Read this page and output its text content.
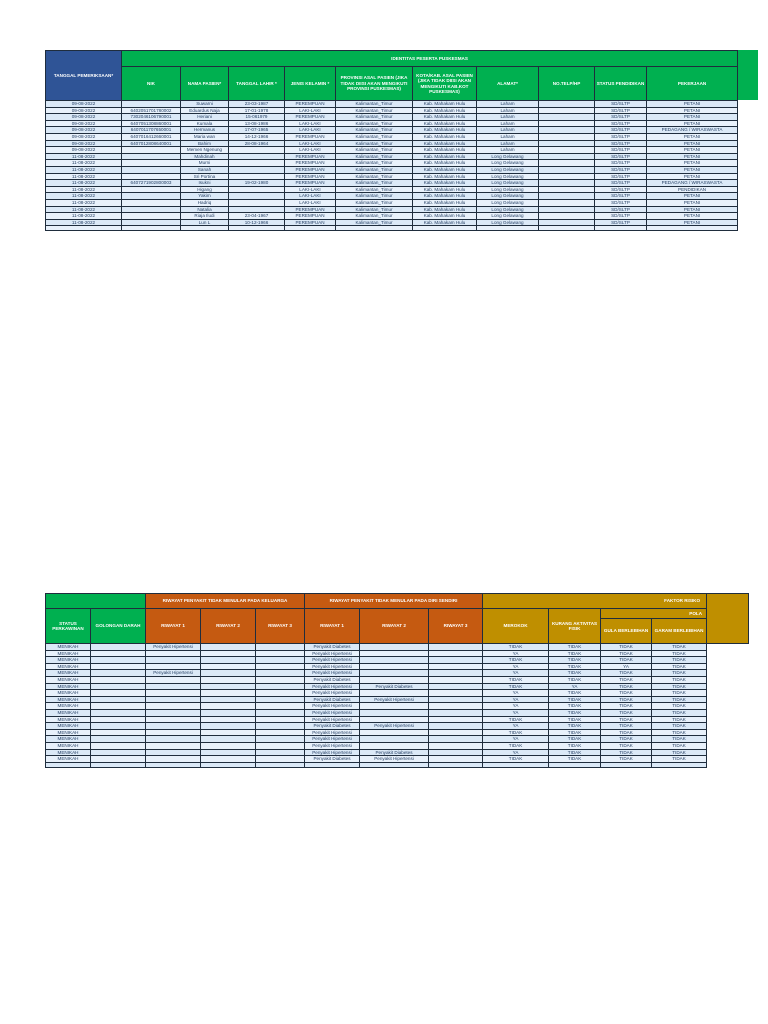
TANGGAL PEMERIKSAAN*	IDENTITAS PESERTA PUSKESMAS										
	NIK	NAMA PASIEN*	TANGGAL LAHIR *	JENIS KELAMIN *	PROVINSI ASAL PASIEN (JIKA TIDAK DIISI AKAN MENGIKUTI PROVINSI PUSKESMAS)	KOTA/KAB. ASAL PASIEN (JIKA TIDAK DIISI AKAN MENGIKUTI KAB.KOT PUSKESMAS)	ALAMAT*	NO.TELP/HP	STATUS PENDIDIKAN	PEKERJAAN	
09-08-2022		Suwarni	23-03-1987	PEREMPUAN	Kalimantan_Timur	Kab. Mahakam Hulu	Laham		SD/SLTP	PETANI	
09-08-2022	6402051701780002	Eduardus Naja	17-01-1978	LAKI-LAKI	Kalimantan_Timur	Kab. Mahakam Hulu	Laham		SD/SLTP	PETANI	
09-08-2022	7302046106790001	Heriani	15-061979	PEREMPUAN	Kalimantan_Timur	Kab. Mahakam Hulu	Laham		SD/SLTP	PETANI	
09-08-2022	6407051308860001	Kumala	13-08-1986	LAKI-LAKI	Kalimantan_Timur	Kab. Mahakam Hulu	Laham		SD/SLTP	PETANI	
09-08-2022	6407011707650001	Hermanus	17-07-1965	LAKI-LAKI	Kalimantan_Timur	Kab. Mahakam Hulu	Laham		SD/SLTP	PEDAGANG / WIRASWASTA	
09-08-2022	6407016412660001	Maria wan	14-12-1966	PEREMPUAN	Kalimantan_Timur	Kab. Mahakam Hulu	Laham		SD/SLTP	PETANI	
09-08-2022	6407012808640001	Bahim	28-08-1964	LAKI-LAKI	Kalimantan_Timur	Kab. Mahakam Hulu	Laham		SD/SLTP	PETANI	
09-08-2022		Memen Ngenung		LAKI-LAKI	Kalimantan_Timur	Kab. Mahakam Hulu	Laham		SD/SLTP	PETANI	
11-08-2022		Mahdinah		PEREMPUAN	Kalimantan_Timur	Kab. Mahakam Hulu	Long Gelawang		SD/SLTP	PETANI	
11-08-2022		Murni		PEREMPUAN	Kalimantan_Timur	Kab. Mahakam Hulu	Long Gelawang		SD/SLTP	PETANI	
11-08-2022		Sanah		PEREMPUAN	Kalimantan_Timur	Kab. Mahakam Hulu	Long Gelawang		SD/SLTP	PETANI	
11-08-2022		Sri Portina		PEREMPUAN	Kalimantan_Timur	Kab. Mahakam Hulu	Long Gelawang		SD/SLTP	PETANI	
11-08-2022	6407271902800003	Isukni	19-02-1980	PEREMPUAN	Kalimantan_Timur	Kab. Mahakam Hulu	Long Gelawang		SD/SLTP	PEDAGANG / WIRASWASTA	
11-08-2022		Higang		LAKI-LAKI	Kalimantan_Timur	Kab. Mahakam Hulu	Long Gelawang		SD/SLTP	PENDIDIKAN	
11-08-2022		Yakim		LAKI-LAKI	Kalimantan_Timur	Kab. Mahakam Hulu	Long Gelawang		SD/SLTP	PETANI	
11-08-2022		Hadriq		LAKI-LAKI	Kalimantan_Timur	Kab. Mahakam Hulu	Long Gelawang		SD/SLTP	PETANI	
11-08-2022		Natalia		PEREMPUAN	Kalimantan_Timur	Kab. Mahakam Hulu	Long Gelawang		SD/SLTP	PETANI	
11-08-2022		Riaja Iludi	23-04-1967	PEREMPUAN	Kalimantan_Timur	Kab. Mahakam Hulu	Long Gelawang		SD/SLTP	PETANI	
11-08-2022		Lun L	10-12-1966	PEREMPUAN	Kalimantan_Timur	Kab. Mahakam Hulu	Long Gelawang		SD/SLTP	PETANI	

		RIWAYAT PENYAKIT TIDAK MENULAR PADA KELUARGA			RIWAYAT PENYAKIT TIDAK MENULAR PADA DIRI SENDIRI			FAKTOR RISIKO				
STATUS PERKAWINAN	GOLONGAN DARAH	RIWAYAT 1	RIWAYAT 2	RIWAYAT 3	RIWAYAT 1	RIWAYAT 2	RIWAYAT 3	MEROKOK	KURANG AKTIVITAS FISIK	POLA		
										GULA BERLEBIHAN	GARAM BERLEBIHAN	
MENIKAH		Penyakit Hipertensi			Penyakit Diabetes			TIDAK	TIDAK	TIDAK	TIDAK	
MENIKAH					Penyakit Hipertensi			YA	TIDAK	TIDAK	TIDAK	
MENIKAH					Penyakit Hipertensi			TIDAK	TIDAK	TIDAK	TIDAK	
MENIKAH					Penyakit Hipertensi			YA	TIDAK	YA	TIDAK	
MENIKAH		Penyakit Hipertensi			Penyakit Hipertensi			YA	TIDAK	TIDAK	TIDAK	
MENIKAH					Penyakit Diabetes			TIDAK	TIDAK	TIDAK	TIDAK	
MENIKAH					Penyakit Hipertensi	Penyakit Diabetes		TIDAK	YA	TIDAK	TIDAK	
MENIKAH					Penyakit Hipertensi			YA	TIDAK	TIDAK	TIDAK	
MENIKAH					Penyakit Diabetes	Penyakit Hipertensi		YA	TIDAK	TIDAK	TIDAK	
MENIKAH					Penyakit Hipertensi			YA	TIDAK	TIDAK	TIDAK	
MENIKAH					Penyakit Hipertensi			YA	TIDAK	TIDAK	TIDAK	
MENIKAH					Penyakit Hipertensi			TIDAK	TIDAK	TIDAK	TIDAK	
MENIKAH					Penyakit Diabetes	Penyakit Hipertensi		YA	TIDAK	TIDAK	TIDAK	
MENIKAH					Penyakit Hipertensi			TIDAK	TIDAK	TIDAK	TIDAK	
MENIKAH					Penyakit Hipertensi			YA	TIDAK	TIDAK	TIDAK	
MENIKAH					Penyakit Hipertensi			TIDAK	TIDAK	TIDAK	TIDAK	
MENIKAH					Penyakit Hipertensi	Penyakit Diabetes		YA	TIDAK	TIDAK	TIDAK	
MENIKAH					Penyakit Diabetes	Penyakit Hipertensi		TIDAK	TIDAK	TIDAK	TIDAK	
